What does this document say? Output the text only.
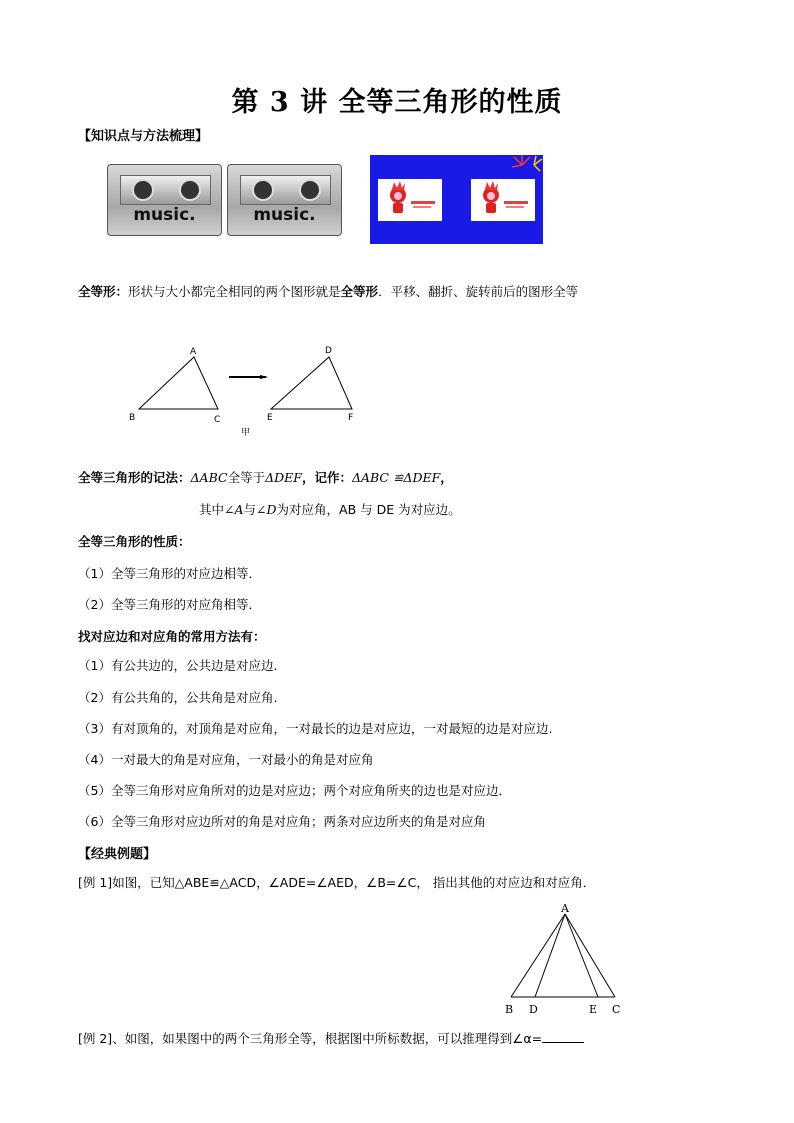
第 3 讲 全等三角形的性质
【知识点与方法梳理】
music.	music.
全等形：形状与大小都完全相同的两个图形就是全等形．平移、翻折、旋转前后的图形全等
A
B	C
D
E	F
甲
全等三角形的记法：ΔABC全等于ΔDEF，记作：ΔABC ≌ΔDEF，
其中∠A与∠D为对应角，AB 与 DE 为对应边。
全等三角形的性质：
（1）全等三角形的对应边相等．
（2）全等三角形的对应角相等．
找对应边和对应角的常用方法有：
（1）有公共边的，公共边是对应边.
（2）有公共角的，公共角是对应角.
（3）有对顶角的，对顶角是对应角，一对最长的边是对应边，一对最短的边是对应边.
（4）一对最大的角是对应角，一对最小的角是对应角
（5）全等三角形对应角所对的边是对应边；两个对应角所夹的边也是对应边．
（6）全等三角形对应边所对的角是对应角；两条对应边所夹的角是对应角
【经典例题】
[例 1]如图，已知△ABE≌△ACD，∠ADE=∠AED，∠B=∠C， 指出其他的对应边和对应角．
A
B D	E C
[例 2]、如图，如果图中的两个三角形全等，根据图中所标数据，可以推理得到∠α=
